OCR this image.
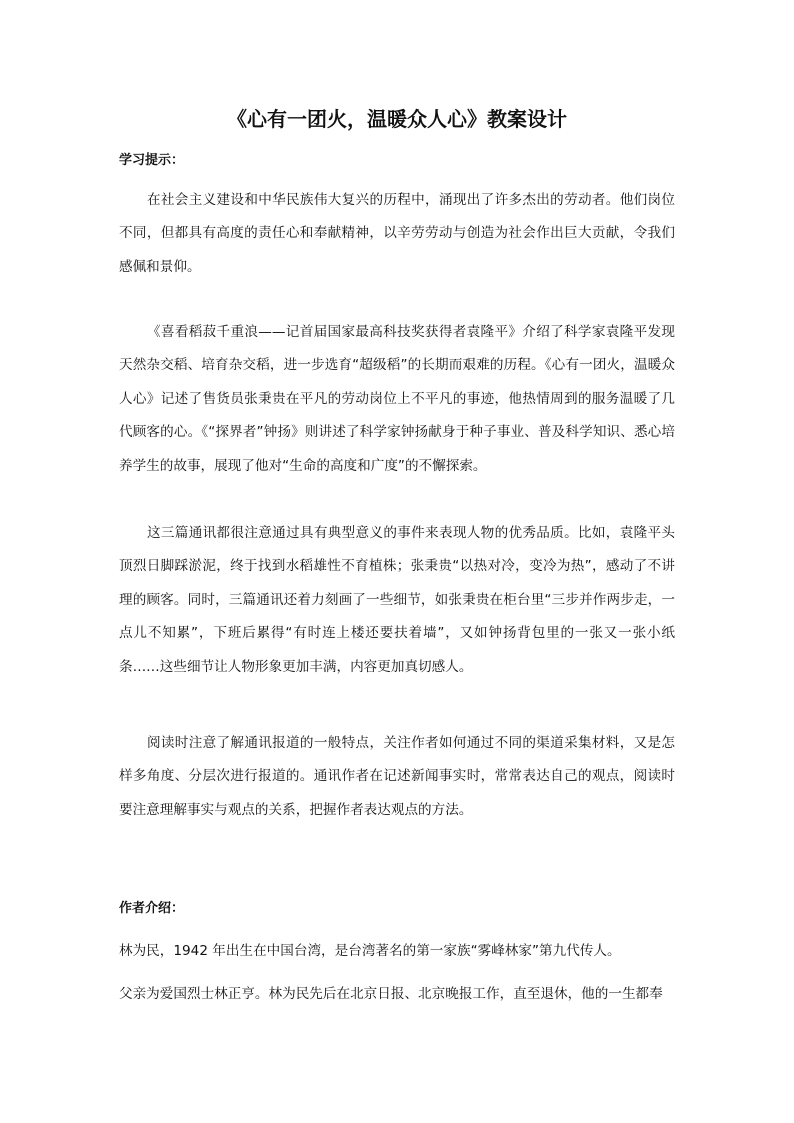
《心有一团火，温暖众人心》教案设计
学习提示：

在社会主义建设和中华民族伟大复兴的历程中，涌现出了许多杰出的劳动者。他们岗位不同，但都具有高度的责任心和奉献精神，以辛劳劳动与创造为社会作出巨大贡献，令我们感佩和景仰。

《喜看稻菽千重浪——记首届国家最高科技奖获得者袁隆平》介绍了科学家袁隆平发现天然杂交稻、培育杂交稻，进一步选育“超级稻”的长期而艰难的历程。《心有一团火，温暖众人心》记述了售货员张秉贵在平凡的劳动岗位上不平凡的事迹，他热情周到的服务温暖了几代顾客的心。《“探界者”钟扬》则讲述了科学家钟扬献身于种子事业、普及科学知识、悉心培养学生的故事，展现了他对“生命的高度和广度”的不懈探索。

这三篇通讯都很注意通过具有典型意义的事件来表现人物的优秀品质。比如，袁隆平头顶烈日脚踩淤泥，终于找到水稻雄性不育植株；张秉贵“以热对冷，变冷为热”，感动了不讲理的顾客。同时，三篇通讯还着力刻画了一些细节，如张秉贵在柜台里“三步并作两步走，一点儿不知累”，下班后累得“有时连上楼还要扶着墙”，又如钟扬背包里的一张又一张小纸条……这些细节让人物形象更加丰满，内容更加真切感人。

阅读时注意了解通讯报道的一般特点，关注作者如何通过不同的渠道采集材料，又是怎样多角度、分层次进行报道的。通讯作者在记述新闻事实时，常常表达自己的观点，阅读时要注意理解事实与观点的关系，把握作者表达观点的方法。

作者介绍：
林为民，1942 年出生在中国台湾，是台湾著名的第一家族“雾峰林家”第九代传人。
父亲为爱国烈士林正亨。林为民先后在北京日报、北京晚报工作，直至退休，他的一生都奉
